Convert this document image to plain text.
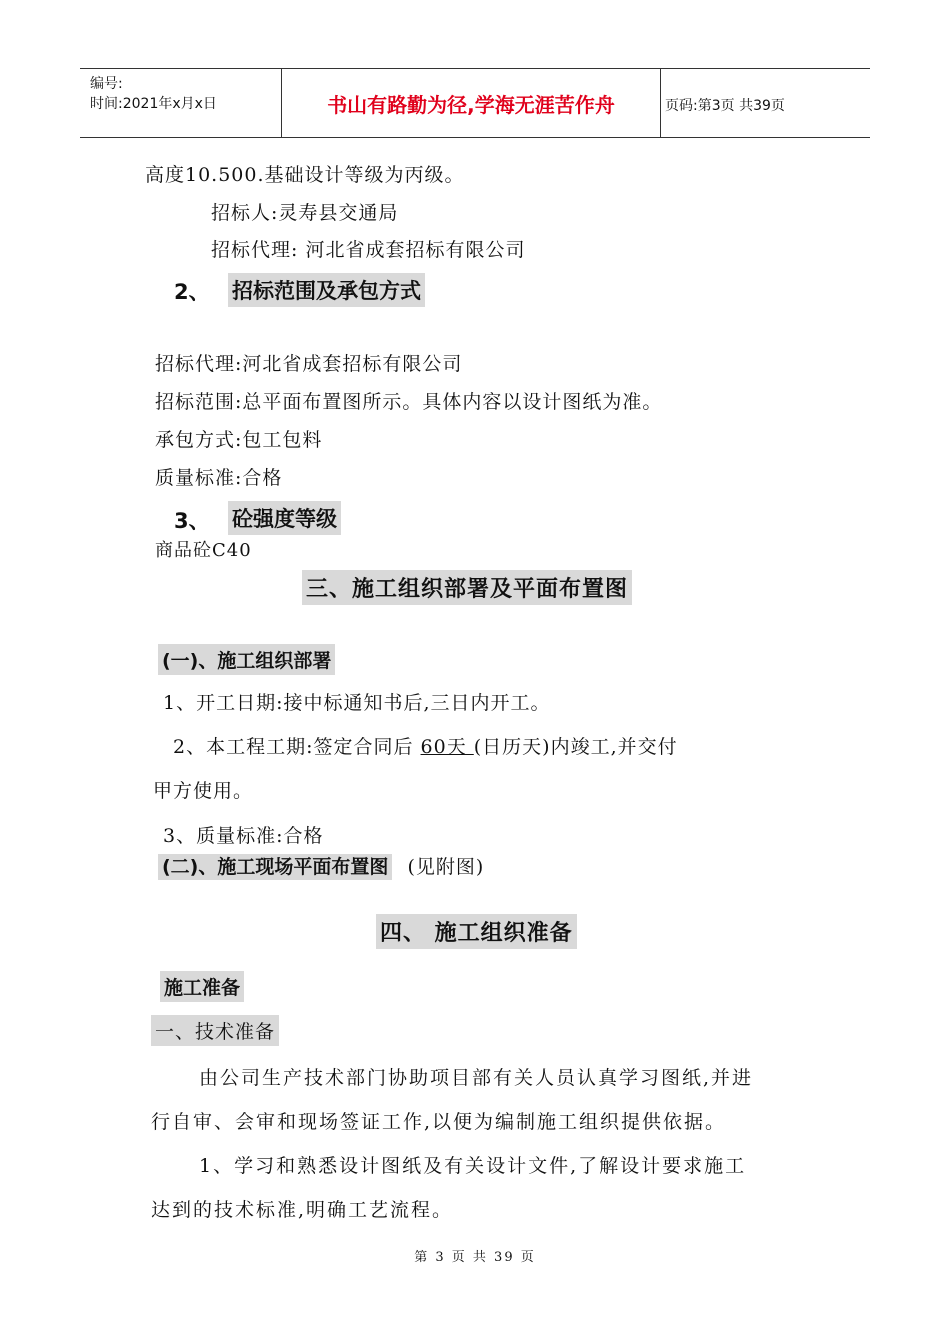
编号:
时间:2021年x月x日	书山有路勤为径,学海无涯苦作舟	页码:第3页 共39页
高度10.500.基础设计等级为丙级。
招标人:灵寿县交通局
招标代理: 河北省成套招标有限公司
2、 招标范围及承包方式
招标代理:河北省成套招标有限公司
招标范围:总平面布置图所示。具体内容以设计图纸为准。
承包方式:包工包料
质量标准:合格
3、 砼强度等级
商品砼C40
三、施工组织部署及平面布置图
(一)、施工组织部署
1、开工日期:接中标通知书后,三日内开工。
2、本工程工期:签定合同后 60天 (日历天)内竣工,并交付
甲方使用。
3、质量标准:合格
(二)、施工现场平面布置图 (见附图)
四、 施工组织准备
施工准备
一、技术准备
由公司生产技术部门协助项目部有关人员认真学习图纸,并进
行自审、会审和现场签证工作,以便为编制施工组织提供依据。
1、学习和熟悉设计图纸及有关设计文件,了解设计要求施工
达到的技术标准,明确工艺流程。
第 3 页 共 39 页
